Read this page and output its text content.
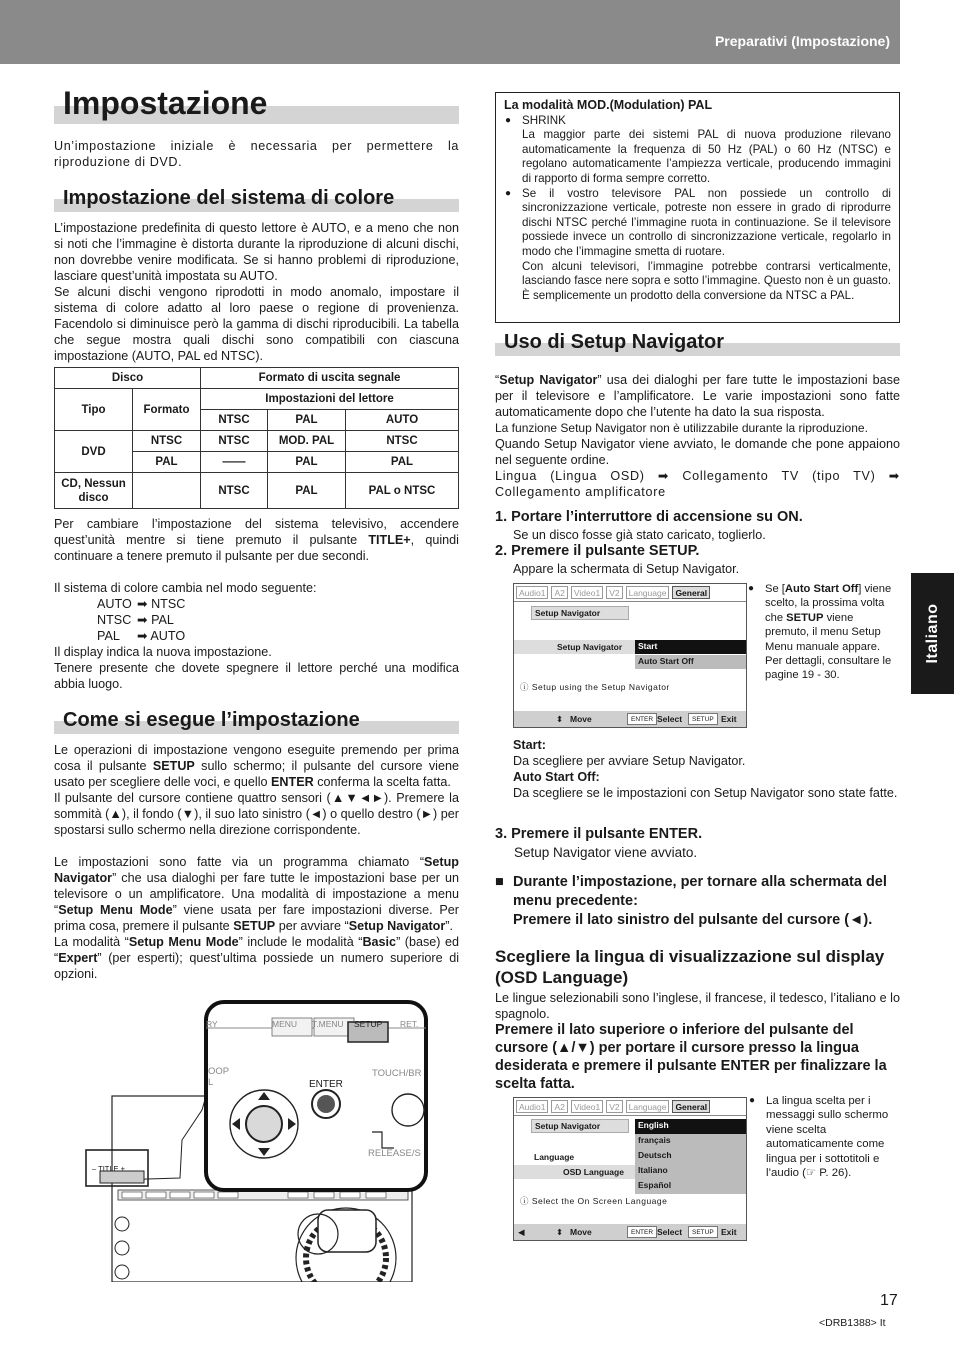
Preparativi (Impostazione)
Italiano
Impostazione
Un’impostazione iniziale è necessaria per permettere la riproduzione di DVD.
Impostazione del sistema di colore

L’impostazione predefinita di questo lettore è AUTO, e a meno che non si noti che l’immagine è distorta durante la riproduzione di alcuni dischi, non dovrebbe venire modificata. Se si hanno problemi di riproduzione, lasciare quest’unità impostata su AUTO.

Se alcuni dischi vengono riprodotti in modo anomalo, impostare il sistema di colore adatto al loro paese o regione di provenienza. Facendolo si diminuisce però la gamma di dischi riproducibili. La tabella che segue mostra quali dischi sono compatibili con ciascuna impostazione (AUTO, PAL ed NTSC).

Disco		Formato di uscita segnale		
Tipo	Formato	Impostazioni del lettore		
		NTSC	PAL	AUTO
DVD	NTSC	NTSC	MOD. PAL	NTSC
	PAL	——	PAL	PAL
CD, Nessun disco		NTSC	PAL	PAL o NTSC

Per cambiare l’impostazione del sistema televisivo, accendere quest’unità mentre si tiene premuto il pulsante TITLE+, quindi continuare a tenere premuto il pulsante per due secondi.

Il sistema di colore cambia nel modo seguente:

AUTO ➡ NTSC
NTSC ➡ PAL
PAL ➡ AUTO

Il display indica la nuova impostazione.

Tenere presente che dovete spegnere il lettore perché una modifica abbia luogo.

Come si esegue l’impostazione

Le operazioni di impostazione vengono eseguite premendo per prima cosa il pulsante SETUP sullo schermo; il pulsante del cursore viene usato per scegliere delle voci, e quello ENTER conferma la scelta fatta.

Il pulsante del cursore contiene quattro sensori (▲▼◄►). Premere la sommità (▲), il fondo (▼), il suo lato sinistro (◄) o quello destro (►) per spostarsi sullo schermo nella direzione corrispondente.

Le impostazioni sono fatte via un programma chiamato “Setup Navigator” che usa dialoghi per fare tutte le impostazioni base per un televisore o un amplificatore. Una modalità di impostazione a menu “Setup Menu Mode” viene usata per fare impostazioni diverse. Per prima cosa, premere il pulsante SETUP per avviare “Setup Navigator”.

La modalità “Setup Menu Mode” include le modalità “Basic” (base) ed “Expert” (per esperti); quest’ultima possiede un numero superiore di opzioni.

RY	MENU T.MENU SETUP RET.
ENTER
OOP
L
TOUCH/BR
RELEASE/S
– TITLE +
La modalità MOD.(Modulation) PAL
● SHRINK
La maggior parte dei sistemi PAL di nuova produzione rilevano automaticamente la frequenza di 50 Hz (PAL) o 60 Hz (NTSC) e regolano automaticamente l’ampiezza verticale, producendo immagini di rapporto di forma sempre corretto.
● Se il vostro televisore PAL non possiede un controllo di sincronizzazione verticale, potreste non essere in grado di riprodurre dischi NTSC perché l’immagine ruota in continuazione. Se il televisore possiede invece un controllo di sincronizzazione verticale, regolarlo in modo che l’immagine smetta di ruotare.
Con alcuni televisori, l’immagine potrebbe contrarsi verticalmente, lasciando fasce nere sopra e sotto l’immagine. Questo non è un guasto. È semplicemente un prodotto della conversione da NTSC a PAL.
Uso di Setup Navigator

“Setup Navigator” usa dei dialoghi per fare tutte le impostazioni base per il televisore e l’amplificatore. Le varie impostazioni sono fatte automaticamente dopo che l’utente ha dato la sua risposta.

La funzione Setup Navigator non è utilizzabile durante la riproduzione.

Quando Setup Navigator viene avviato, le domande che pone appaiono nel seguente ordine.

Lingua (Lingua OSD) ➡ Collegamento TV (tipo TV) ➡ Collegamento amplificatore

1. Portare l’interruttore di accensione su ON.
Se un disco fosse già stato caricato, toglierlo.
2. Premere il pulsante SETUP.
Appare la schermata di Setup Navigator.
Audio1	A2	Video1	V2	Language	General
Setup Navigator
Setup Navigator	Start
Auto Start Off
ⓘ Setup using the Setup Navigator
⬍ Move	ENTER Select	SETUP Exit
● Se [Auto Start Off] viene scelto, la prossima volta che SETUP viene premuto, il menu Setup Menu manuale appare. Per dettagli, consultare le pagine 19 - 30.

Start:

Da scegliere per avviare Setup Navigator.

Auto Start Off:

Da scegliere se le impostazioni con Setup Navigator sono state fatte.

3. Premere il pulsante ENTER.
Setup Navigator viene avviato.
■ Durante l’impostazione, per tornare alla schermata del menu precedente:
Premere il lato sinistro del pulsante del cursore (◄).
Scegliere la lingua di visualizzazione sul display (OSD Language)
Le lingue selezionabili sono l’inglese, il francese, il tedesco, l’italiano e lo spagnolo.
Premere il lato superiore o inferiore del pulsante del cursore (▲/▼) per portare il cursore presso la lingua desiderata e premere il pulsante ENTER per finalizzare la scelta fatta.
Audio1	A2	Video1	V2	Language	General
Setup Navigator
Language
OSD Language
English
français
Deutsch
Italiano
Español
ⓘ Select the On Screen Language
◀	⬍ Move	ENTER Select	SETUP Exit
● La lingua scelta per i messaggi sullo schermo viene scelta automaticamente come lingua per i sottotitoli e l’audio (☞ P. 26).
17
<DRB1388> It
